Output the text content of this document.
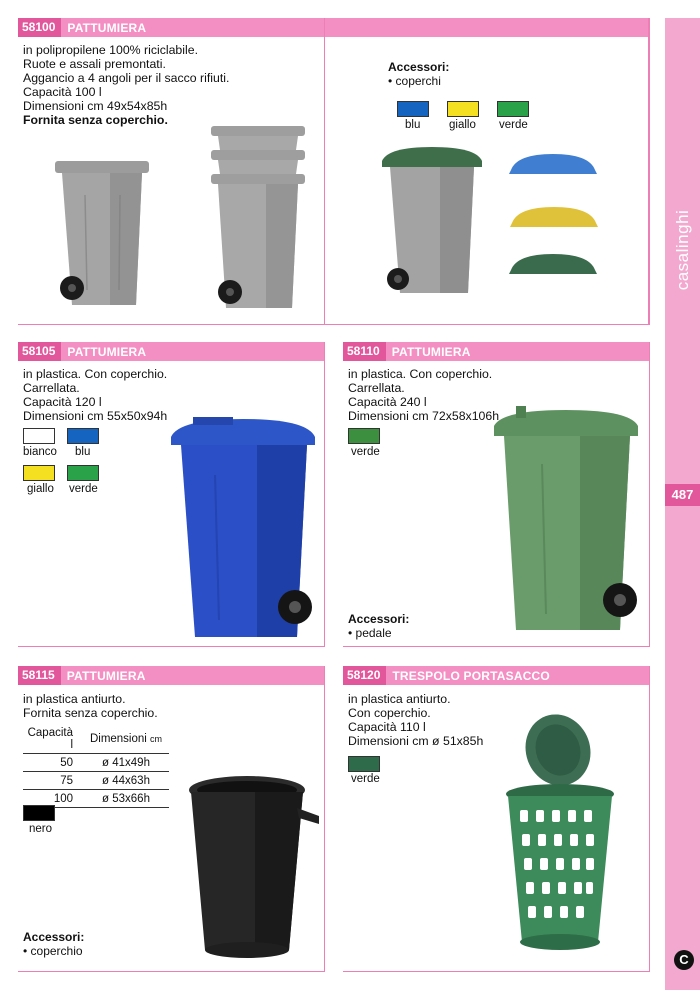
casalinghi
487
C
58100	PATTUMIERA
in polipropilene 100% riciclabile.
Ruote e assali premontati.
Aggancio a 4 angoli per il sacco rifiuti.
Capacità 100 l
Dimensioni cm 49x54x85h
Fornita senza coperchio.
Accessori:
• coperchi
blu giallo verde
58105	PATTUMIERA
in plastica. Con coperchio.
Carrellata.
Capacità 120 l
Dimensioni cm 55x50x94h
bianco blu
giallo verde
58110	PATTUMIERA
in plastica. Con coperchio.
Carrellata.
Capacità 240 l
Dimensioni cm 72x58x106h
verde
Accessori:
• pedale
58115	PATTUMIERA
in plastica antiurto.
Fornita senza coperchio.
Capacità l	Dimensioni cm
50	ø 41x49h
75	ø 44x63h
100	ø 53x66h
nero
Accessori:
• coperchio
58120	TRESPOLO PORTASACCO
in plastica antiurto.
Con coperchio.
Capacità 110 l
Dimensioni cm ø 51x85h
verde
